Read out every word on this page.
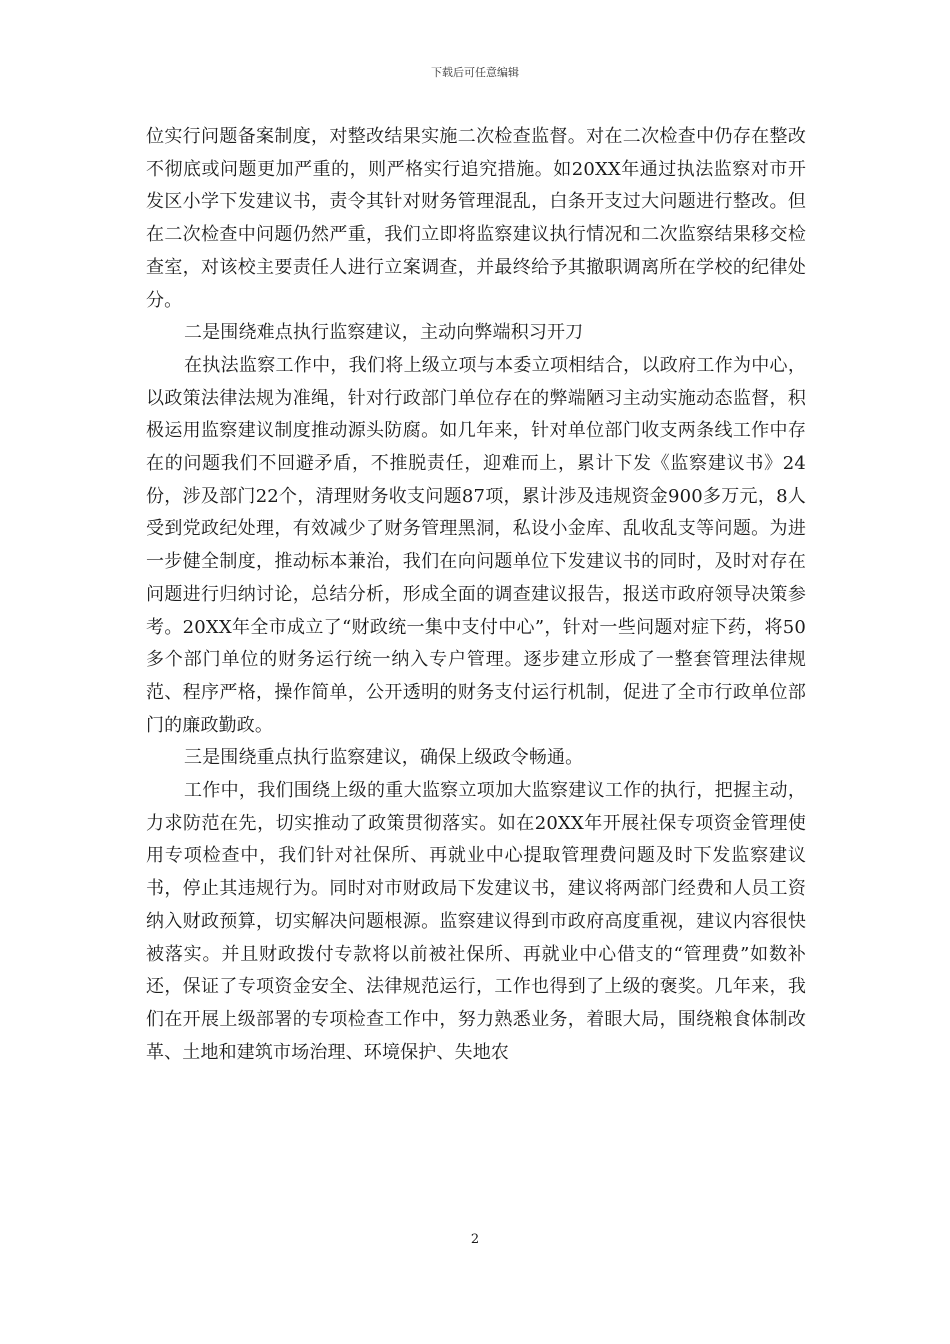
下载后可任意编辑

位实行问题备案制度，对整改结果实施二次检查监督。对在二次检查中仍存在整改不彻底或问题更加严重的，则严格实行追究措施。如20XX年通过执法监察对市开发区小学下发建议书，责令其针对财务管理混乱，白条开支过大问题进行整改。但在二次检查中问题仍然严重，我们立即将监察建议执行情况和二次监察结果移交检查室，对该校主要责任人进行立案调查，并最终给予其撤职调离所在学校的纪律处分。

二是围绕难点执行监察建议，主动向弊端积习开刀

在执法监察工作中，我们将上级立项与本委立项相结合，以政府工作为中心，以政策法律法规为准绳，针对行政部门单位存在的弊端陋习主动实施动态监督，积极运用监察建议制度推动源头防腐。如几年来，针对单位部门收支两条线工作中存在的问题我们不回避矛盾，不推脱责任，迎难而上，累计下发《监察建议书》24份，涉及部门22个，清理财务收支问题87项，累计涉及违规资金900多万元，8人受到党政纪处理，有效减少了财务管理黑洞，私设小金库、乱收乱支等问题。为进一步健全制度，推动标本兼治，我们在向问题单位下发建议书的同时，及时对存在问题进行归纳讨论，总结分析，形成全面的调查建议报告，报送市政府领导决策参考。20XX年全市成立了“财政统一集中支付中心”，针对一些问题对症下药，将50多个部门单位的财务运行统一纳入专户管理。逐步建立形成了一整套管理法律规范、程序严格，操作简单，公开透明的财务支付运行机制，促进了全市行政单位部门的廉政勤政。

三是围绕重点执行监察建议，确保上级政令畅通。

工作中，我们围绕上级的重大监察立项加大监察建议工作的执行，把握主动，力求防范在先，切实推动了政策贯彻落实。如在20XX年开展社保专项资金管理使用专项检查中，我们针对社保所、再就业中心提取管理费问题及时下发监察建议书，停止其违规行为。同时对市财政局下发建议书，建议将两部门经费和人员工资纳入财政预算，切实解决问题根源。监察建议得到市政府高度重视，建议内容很快被落实。并且财政拨付专款将以前被社保所、再就业中心借支的“管理费”如数补还，保证了专项资金安全、法律规范运行，工作也得到了上级的褒奖。几年来，我们在开展上级部署的专项检查工作中，努力熟悉业务，着眼大局，围绕粮食体制改革、土地和建筑市场治理、环境保护、失地农

2
